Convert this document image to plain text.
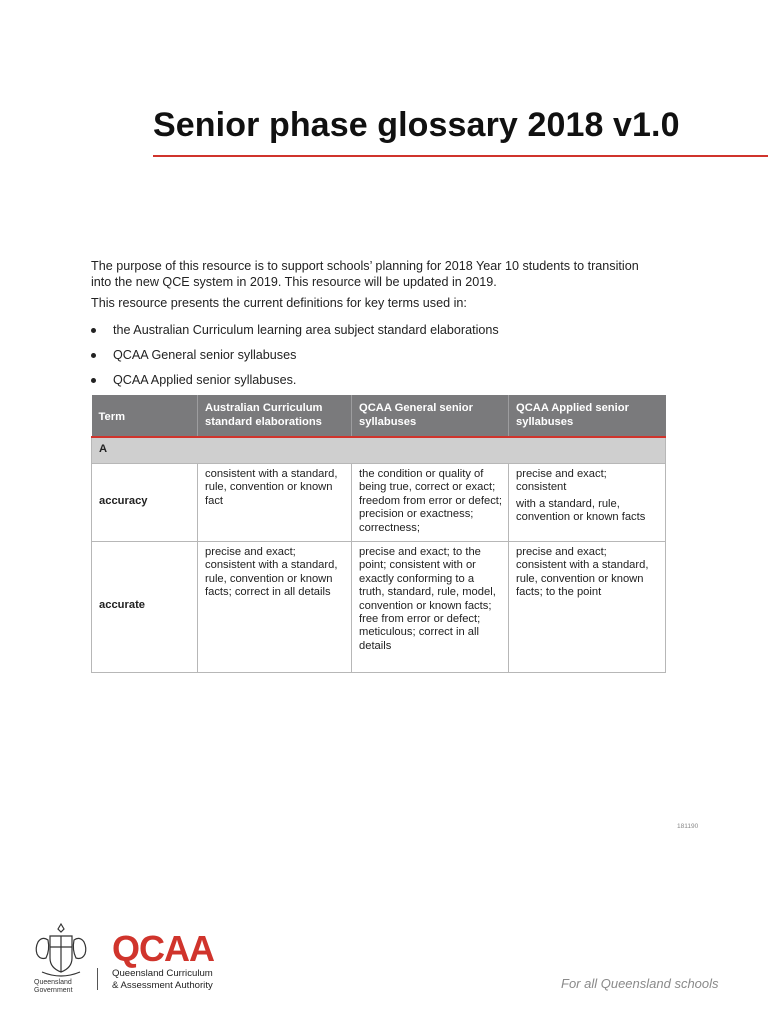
Senior phase glossary 2018 v1.0

The purpose of this resource is to support schools’ planning for 2018 Year 10 students to transition into the new QCE system in 2019. This resource will be updated in 2019.

This resource presents the current definitions for key terms used in:

the Australian Curriculum learning area subject standard elaborations
QCAA General senior syllabuses
QCAA Applied senior syllabuses.
Term	Australian Curriculum standard elaborations	QCAA General senior syllabuses	QCAA Applied senior syllabuses
A			
accuracy	consistent with a standard, rule, convention or known fact	the condition or quality of being true, correct or exact; freedom from error or defect; precision or exactness; correctness;	precise and exact; consistent
with a standard, rule, convention or known facts

accurate	precise and exact; consistent with a standard, rule, convention or known facts; correct in all details	precise and exact; to the point; consistent with or exactly conforming to a truth, standard, rule, model, convention or known facts; free from error or defect; meticulous; correct in all details	precise and exact; consistent with a standard, rule, convention or known facts; to the point
181190
Queensland
Government
QCAA
Queensland Curriculum
& Assessment Authority	For all Queensland schools
